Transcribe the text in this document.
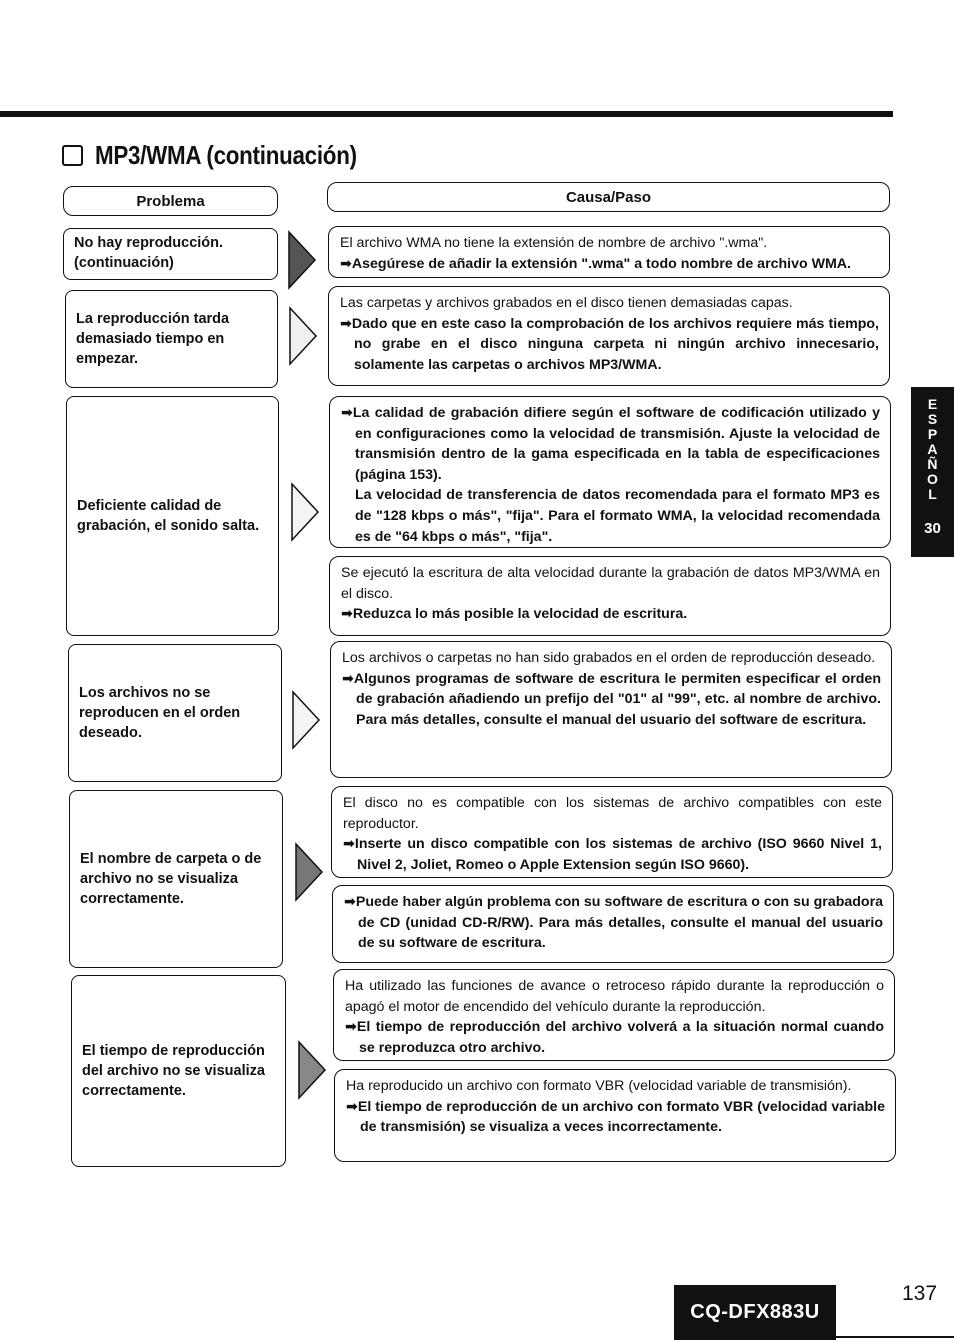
MP3/WMA (continuación)
Problema	Causa/Paso
No hay reproducción.
(continuación)

El archivo WMA no tiene la extensión de nombre de archivo ".wma".

➡Asegúrese de añadir la extensión ".wma" a todo nombre de archivo WMA.

La reproducción tarda
demasiado tiempo en
empezar.

Las carpetas y archivos grabados en el disco tienen demasiadas capas.

➡Dado que en este caso la comprobación de los archivos requiere más tiempo, no grabe en el disco ninguna carpeta ni ningún archivo innecesario, solamente las carpetas o archivos MP3/WMA.

Deficiente calidad de
grabación, el sonido salta.

➡La calidad de grabación difiere según el software de codificación utilizado y en configuraciones como la velocidad de transmisión. Ajuste la velocidad de transmisión dentro de la gama especificada en la tabla de especificaciones (página 153).

La velocidad de transferencia de datos recomendada para el formato MP3 es de "128 kbps o más", "fija". Para el formato WMA, la velocidad recomendada es de "64 kbps o más", "fija".

Se ejecutó la escritura de alta velocidad durante la grabación de datos MP3/WMA en el disco.

➡Reduzca lo más posible la velocidad de escritura.

Los archivos no se
reproducen en el orden
deseado.

Los archivos o carpetas no han sido grabados en el orden de reproducción deseado.

➡Algunos programas de software de escritura le permiten especificar el orden de grabación añadiendo un prefijo del "01" al "99", etc. al nombre de archivo. Para más detalles, consulte el manual del usuario del software de escritura.

El nombre de carpeta o de
archivo no se visualiza
correctamente.

El disco no es compatible con los sistemas de archivo compatibles con este reproductor.

➡Inserte un disco compatible con los sistemas de archivo (ISO 9660 Nivel 1, Nivel 2, Joliet, Romeo o Apple Extension según ISO 9660).

➡Puede haber algún problema con su software de escritura o con su grabadora de CD (unidad CD-R/RW). Para más detalles, consulte el manual del usuario de su software de escritura.

El tiempo de reproducción
del archivo no se visualiza
correctamente.

Ha utilizado las funciones de avance o retroceso rápido durante la reproducción o apagó el motor de encendido del vehículo durante la reproducción.

➡El tiempo de reproducción del archivo volverá a la situación normal cuando se reproduzca otro archivo.

Ha reproducido un archivo con formato VBR (velocidad variable de transmisión).

➡El tiempo de reproducción de un archivo con formato VBR (velocidad variable de transmisión) se visualiza a veces incorrectamente.

E
S
P
A
Ñ
O
L
30
CQ-DFX883U
137
